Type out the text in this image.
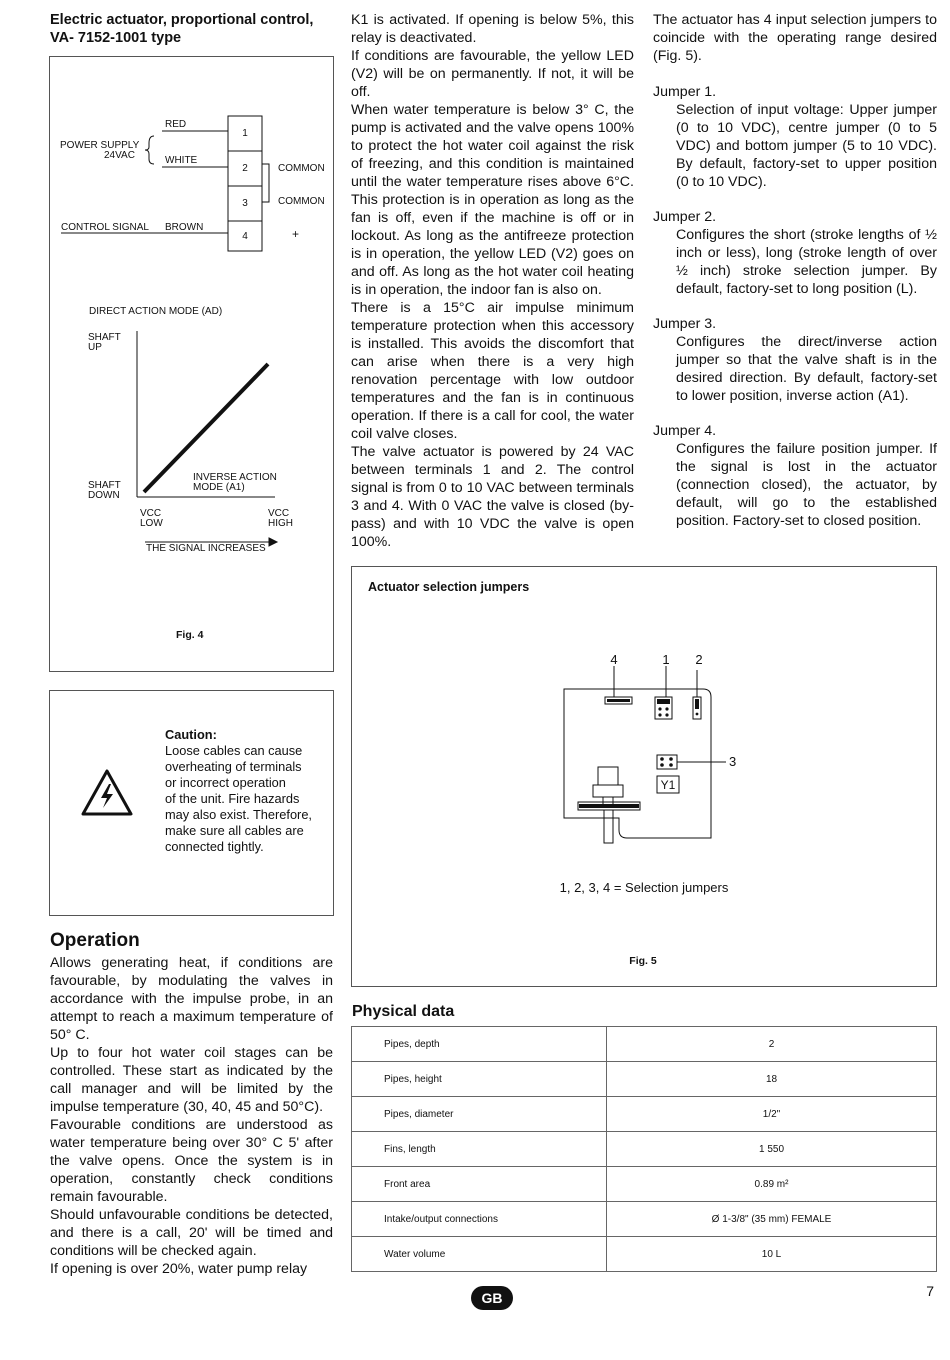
Electric actuator, proportional control,
VA- 7152-1001 type
RED
WHITE
BROWN
POWER SUPPLY
24VAC
CONTROL SIGNAL
1
2
3
4
COMMON
COMMON
+
DIRECT ACTION MODE (AD)
SHAFT
UP
SHAFT
DOWN
INVERSE ACTION
MODE (A1)
VCC
LOW
VCC
HIGH
THE SIGNAL INCREASES
Fig. 4
Caution:
Loose cables can cause
overheating of terminals
or incorrect operation
of the unit. Fire hazards
may also exist. Therefore,
make sure all cables are
connected tightly.
Operation

Allows generating heat, if conditions are favourable, by modulating the valves in accordance with the impulse probe, in an attempt to reach a maximum temperature of 50° C.

Up to four hot water coil stages can be controlled. These start as indicated by the call manager and will be limited by the impulse temperature (30, 40, 45 and 50°C).

Favourable conditions are understood as water temperature being over 30° C 5' after the valve opens. Once the system is in operation, constantly check conditions remain favourable.

Should unfavourable conditions be detected, and there is a call, 20' will be timed and conditions will be checked again.

If opening is over 20%, water pump relay

K1 is activated. If opening is below 5%, this relay is deactivated.

If conditions are favourable, the yellow LED (V2) will be on permanently. If not, it will be off.

When water temperature is below 3° C, the pump is activated and the valve opens 100% to protect the hot water coil against the risk of freezing, and this condition is maintained until the water temperature rises above 6°C. This protection is in operation as long as the fan is off, even if the machine is off or in lockout. As long as the antifreeze protection is in operation, the yellow LED (V2) goes on and off. As long as the hot water coil heating is in operation, the indoor fan is also on.

There is a 15°C air impulse minimum temperature protection when this accessory is installed. This avoids the discomfort that can arise when there is a very high renovation percentage with low outdoor temperatures and the fan is in continuous operation. If there is a call for cool, the water coil valve closes.

The valve actuator is powered by 24 VAC between terminals 1 and 2. The control signal is from 0 to 10 VAC between terminals 3 and 4. With 0 VAC the valve is closed (by-pass) and with 10 VDC the valve is open 100%.

The actuator has 4 input selection jumpers to coincide with the operating range desired (Fig. 5).

Jumper 1.
Selection of input voltage: Upper jumper (0 to 10 VDC), centre jumper (0 to 5 VDC) and bottom jumper (5 to 10 VDC). By default, factory-set to upper position (0 to 10 VDC).
Jumper 2.
Configures the short (stroke lengths of ½ inch or less), long (stroke length of over ½ inch) stroke selection jumper. By default, factory-set to long position (L).
Jumper 3.
Configures the direct/inverse action jumper so that the valve shaft is in the desired direction. By default, factory-set to lower position, inverse action (A1).
Jumper 4.
Configures the failure position jumper. If the signal is lost in the actuator (connection closed), the actuator, by default, will go to the established position. Factory-set to closed position.
Actuator selection jumpers
4	1 2
3
Y1
1, 2, 3, 4 = Selection jumpers
Fig. 5
Physical data
Pipes, depth	2
Pipes, height	18
Pipes, diameter	1/2"
Fins, length	1 550
Front area	0.89 m²
Intake/output connections	Ø 1-3/8" (35 mm) FEMALE
Water volume	10 L
GB	7
